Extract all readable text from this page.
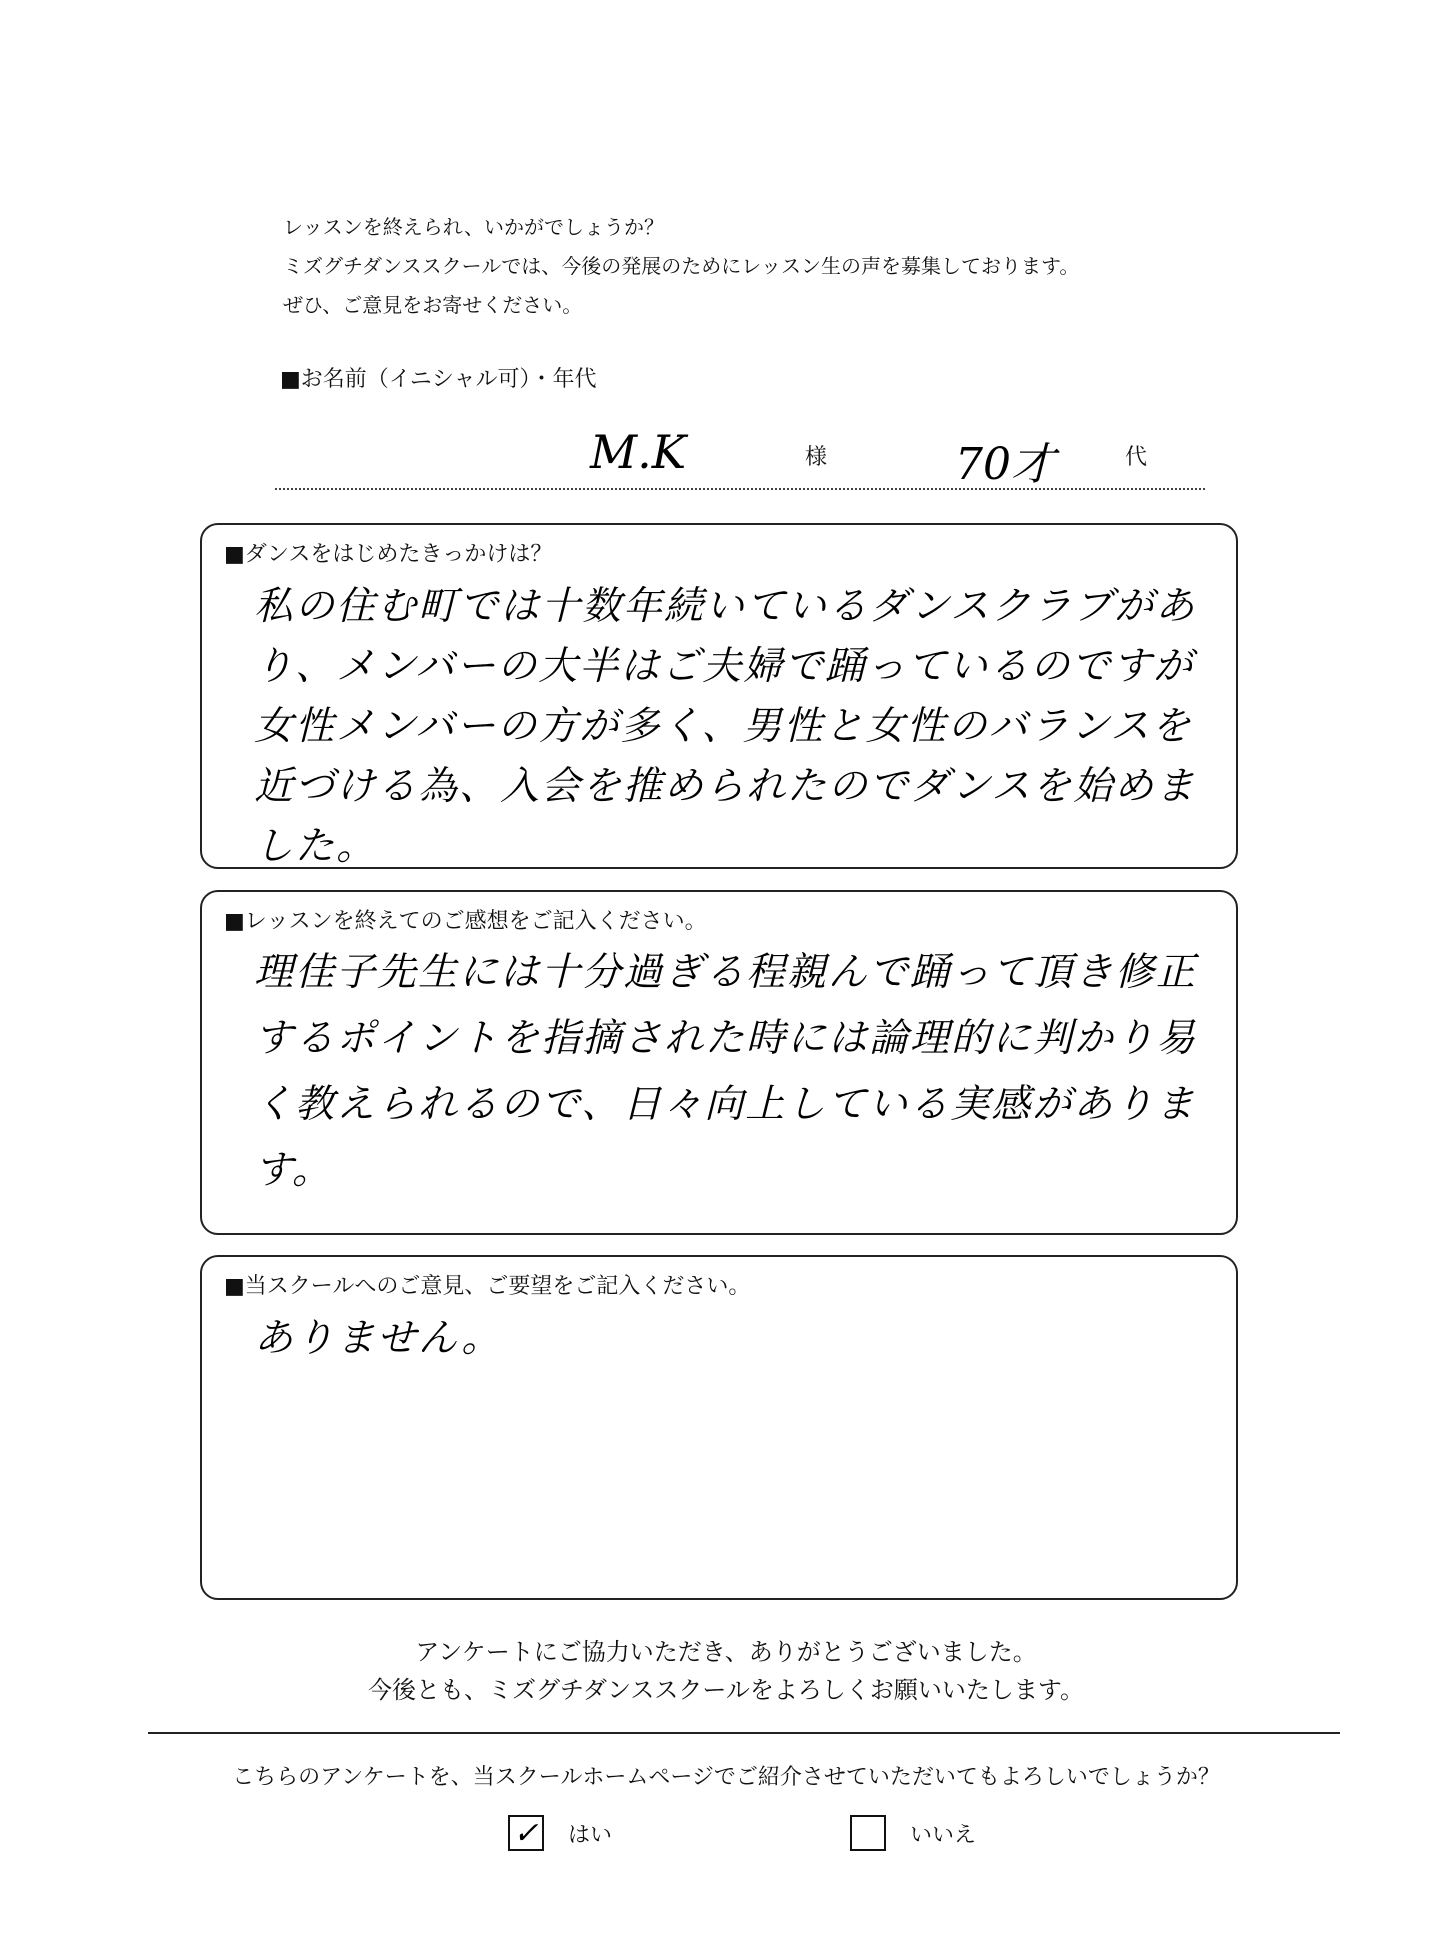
レッスンを終えられ、いかがでしょうか？
ミズグチダンススクールでは、今後の発展のためにレッスン生の声を募集しております。
ぜひ、ご意見をお寄せください。
■お名前（イニシャル可）・年代
M.K	様	70才	代
■ダンスをはじめたきっかけは？
私の住む町では十数年続いているダンスクラブがあり、メンバーの大半はご夫婦で踊っているのですが女性メンバーの方が多く、男性と女性のバランスを近づける為、入会を推められたのでダンスを始めました。
■レッスンを終えてのご感想をご記入ください。
理佳子先生には十分過ぎる程親んで踊って頂き修正するポイントを指摘された時には論理的に判かり易く教えられるので、日々向上している実感があります。
■当スクールへのご意見、ご要望をご記入ください。
ありません。
アンケートにご協力いただき、ありがとうございました。
今後とも、ミズグチダンススクールをよろしくお願いいたします。
こちらのアンケートを、当スクールホームページでご紹介させていただいてもよろしいでしょうか？
✓ はい	いいえ
